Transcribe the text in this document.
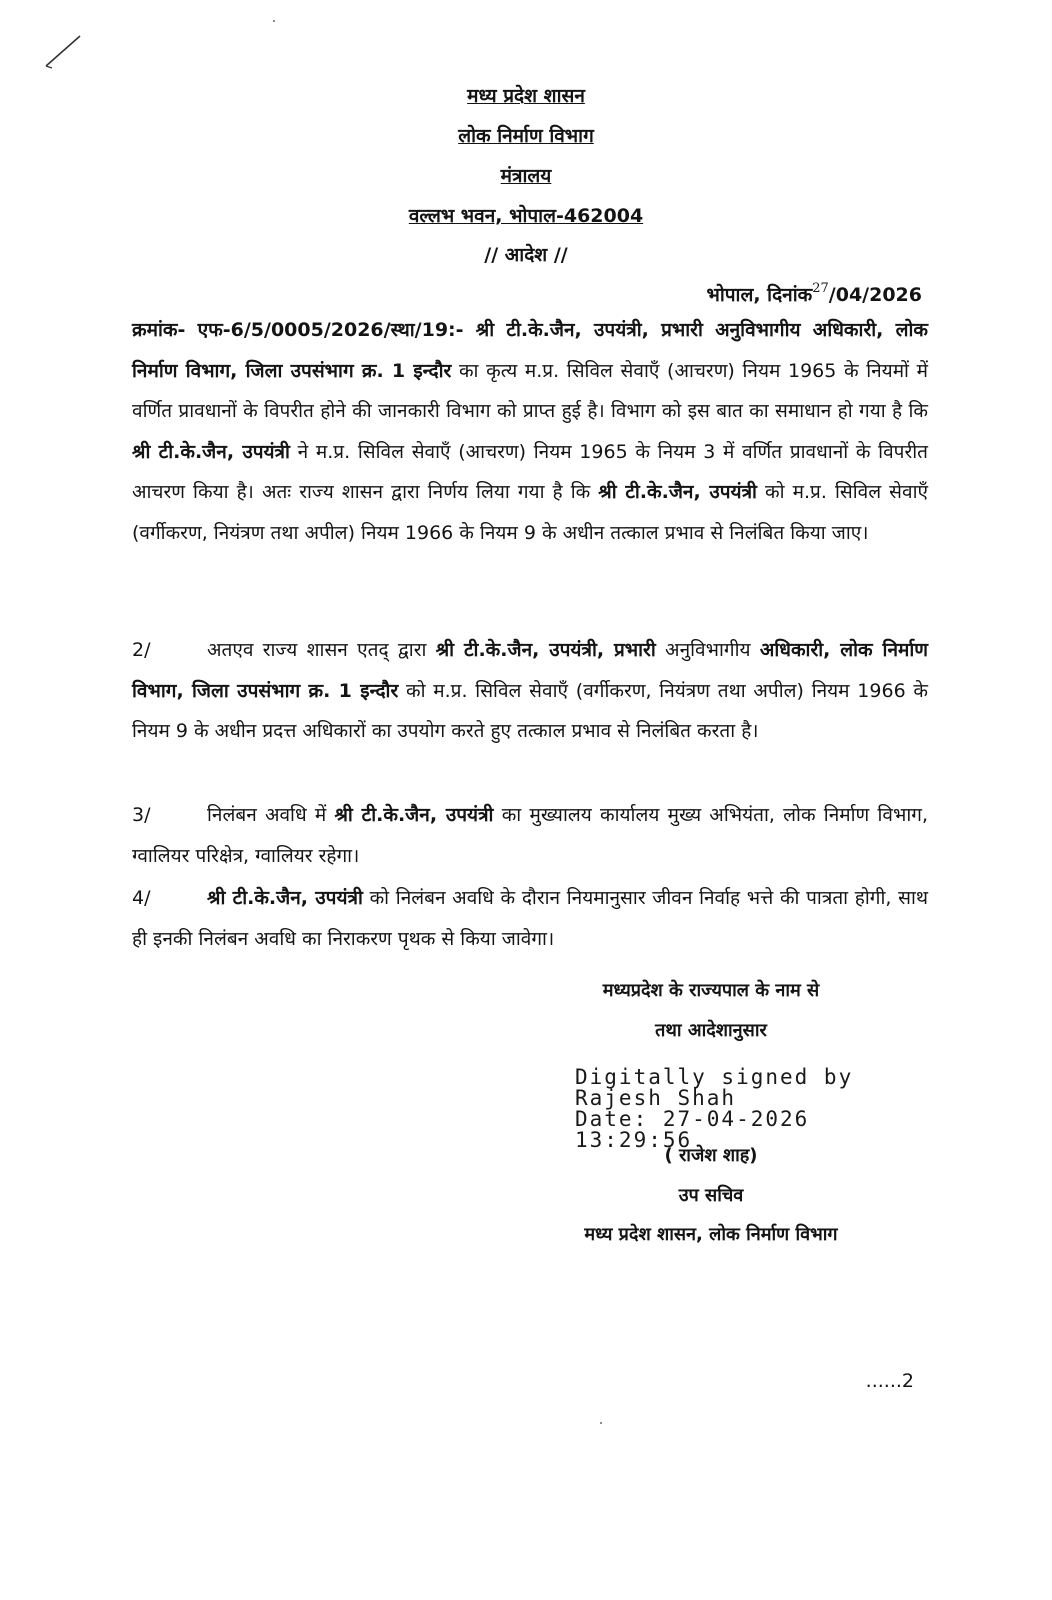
मध्य प्रदेश शासन
लोक निर्माण विभाग
मंत्रालय
वल्लभ भवन, भोपाल-462004
// आदेश //
भोपाल, दिनांक$^{27}$/04/2026
क्रमांक- एफ-6/5/0005/2026/स्था/19:- श्री टी.के.जैन, उपयंत्री, प्रभारी अनुविभागीय अधिकारी, लोक निर्माण विभाग, जिला उपसंभाग क्र. 1 इन्दौर का कृत्य म.प्र. सिविल सेवाएँ (आचरण) नियम 1965 के नियमों में वर्णित प्रावधानों के विपरीत होने की जानकारी विभाग को प्राप्त हुई है। विभाग को इस बात का समाधान हो गया है कि श्री टी.के.जैन, उपयंत्री ने म.प्र. सिविल सेवाएँ (आचरण) नियम 1965 के नियम 3 में वर्णित प्रावधानों के विपरीत आचरण किया है। अतः राज्य शासन द्वारा निर्णय लिया गया है कि श्री टी.के.जैन, उपयंत्री को म.प्र. सिविल सेवाएँ (वर्गीकरण, नियंत्रण तथा अपील) नियम 1966 के नियम 9 के अधीन तत्काल प्रभाव से निलंबित किया जाए।
2/	अतएव राज्य शासन एतद् द्वारा श्री टी.के.जैन, उपयंत्री, प्रभारी अनुविभागीय अधिकारी, लोक निर्माण विभाग, जिला उपसंभाग क्र. 1 इन्दौर को म.प्र. सिविल सेवाएँ (वर्गीकरण, नियंत्रण तथा अपील) नियम 1966 के नियम 9 के अधीन प्रदत्त अधिकारों का उपयोग करते हुए तत्काल प्रभाव से निलंबित करता है।
3/	निलंबन अवधि में श्री टी.के.जैन, उपयंत्री का मुख्यालय कार्यालय मुख्य अभियंता, लोक निर्माण विभाग, ग्वालियर परिक्षेत्र, ग्वालियर रहेगा।
4/	श्री टी.के.जैन, उपयंत्री को निलंबन अवधि के दौरान नियमानुसार जीवन निर्वाह भत्ते की पात्रता होगी, साथ ही इनकी निलंबन अवधि का निराकरण पृथक से किया जावेगा।
मध्यप्रदेश के राज्यपाल के नाम से
तथा आदेशानुसार
Digitally signed by
Rajesh Shah
Date: 27-04-2026
13:29:56
( राजेश शाह)
उप सचिव
मध्य प्रदेश शासन, लोक निर्माण विभाग
......2
